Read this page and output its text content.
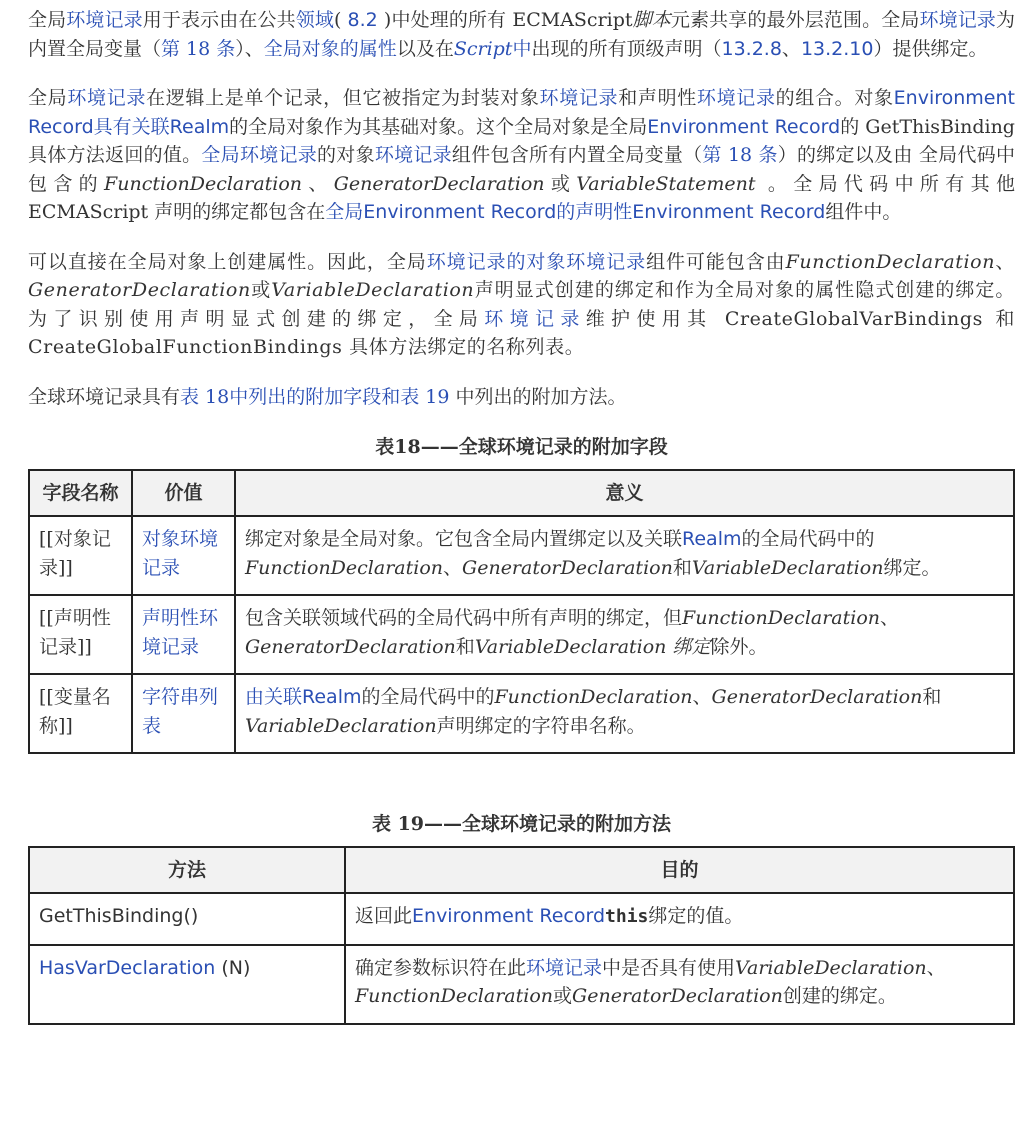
全局环境记录用于表示由在公共领域( 8.2 )中处理的所有 ECMAScript脚本元素共享的最外层范围。全局环境记录为内置全局变量（第 18 条）、全局对象的属性以及在Script中出现的所有顶级声明（13.2.8、13.2.10）提供绑定。

全局环境记录在逻辑上是单个记录，但它被指定为封装对象环境记录和声明性环境记录的组合。对象Environment Record具有关联Realm的全局对象作为其基础对象。这个全局对象是全局Environment Record的 GetThisBinding 具体方法返回的值。全局环境记录的对象环境记录组件包含所有内置全局变量（第 18 条）的绑定以及由 全局代码中包含的FunctionDeclaration、GeneratorDeclaration或VariableStatement 。全局代码中所有其他 ECMAScript 声明的绑定都包含在全局Environment Record的声明性Environment Record组件中。

可以直接在全局对象上创建属性。因此，全局环境记录的对象环境记录组件可能包含由FunctionDeclaration、GeneratorDeclaration或VariableDeclaration声明显式创建的绑定和作为全局对象的属性隐式创建的绑定。为了识别使用声明显式创建的绑定，全局环境记录维护使用其 CreateGlobalVarBindings 和 CreateGlobalFunctionBindings 具体方法绑定的名称列表。

全球环境记录具有表 18中列出的附加字段和表 19 中列出的附加方法。

表18——全球环境记录的附加字段

字段名称	价值	意义
[[对象记录]]	对象环境记录	绑定对象是全局对象。它包含全局内置绑定以及关联Realm的全局代码中的FunctionDeclaration、GeneratorDeclaration和VariableDeclaration绑定。
[[声明性记录]]	声明性环境记录	包含关联领域代码的全局代码中所有声明的绑定，但FunctionDeclaration、GeneratorDeclaration和VariableDeclaration 绑定除外。
[[变量名称]]	字符串列表	由关联Realm的全局代码中的FunctionDeclaration、GeneratorDeclaration和VariableDeclaration声明绑定的字符串名称。

表 19——全球环境记录的附加方法

方法	目的
GetThisBinding()	返回此Environment Recordthis绑定的值。
HasVarDeclaration (N)	确定参数标识符在此环境记录中是否具有使用VariableDeclaration、FunctionDeclaration或GeneratorDeclaration创建的绑定。
